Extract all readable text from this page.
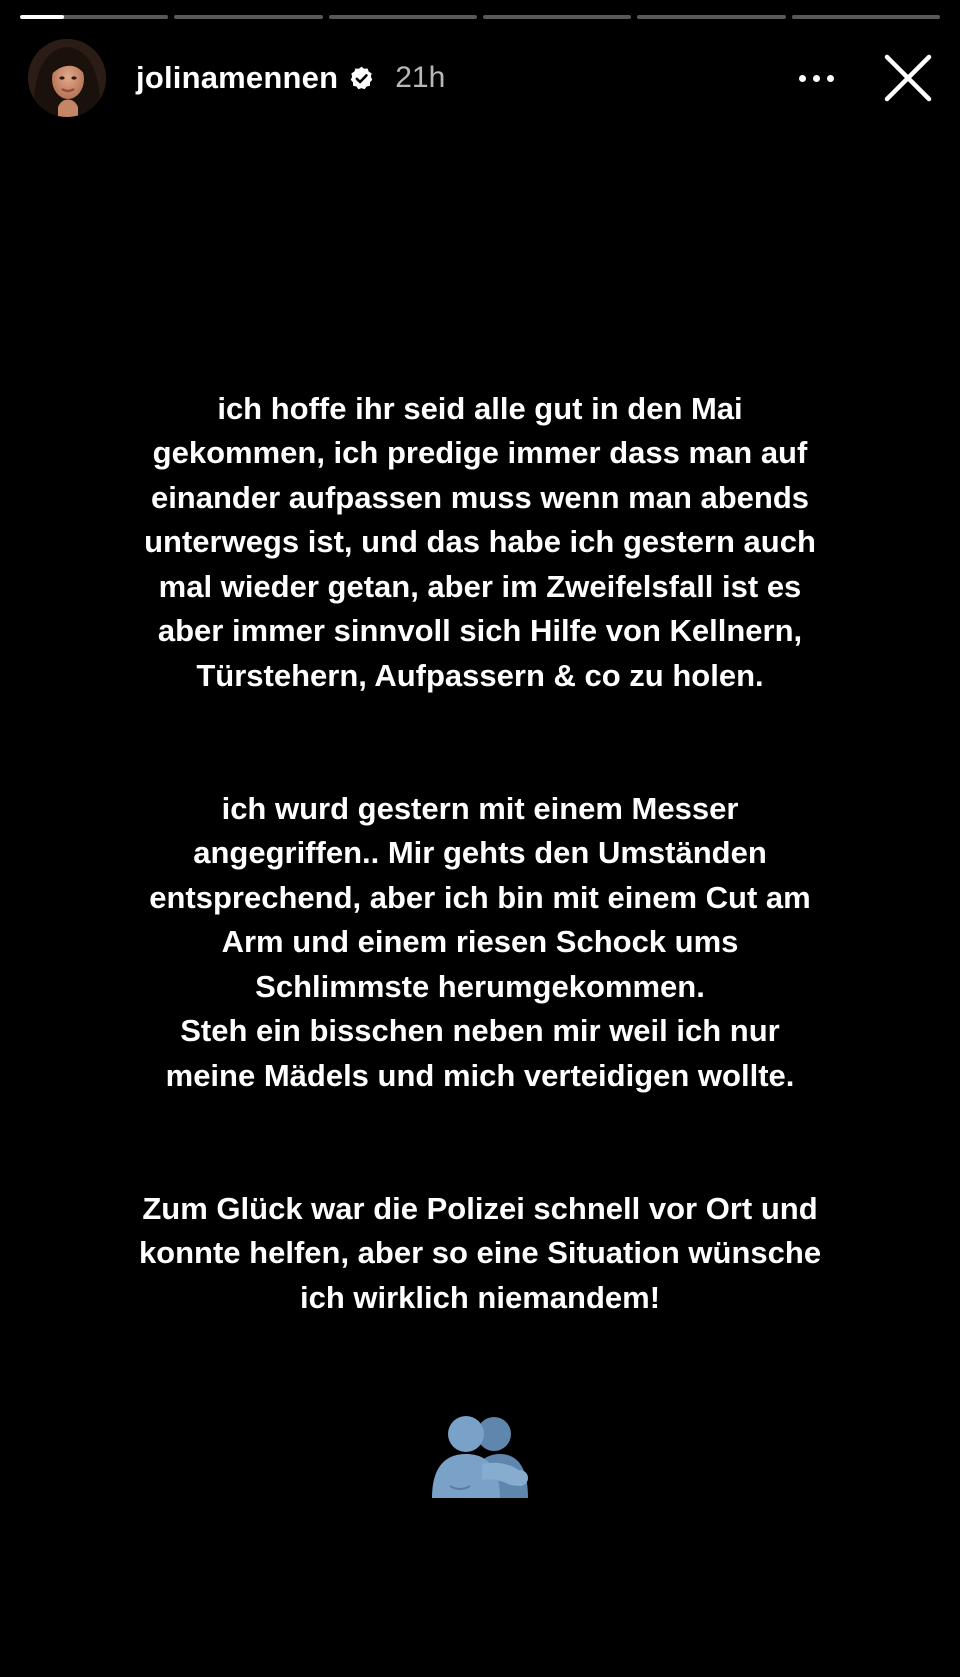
jolinamennen 21h

ich hoffe ihr seid alle gut in den Mai
gekommen, ich predige immer dass man auf
einander aufpassen muss wenn man abends
unterwegs ist, und das habe ich gestern auch
mal wieder getan, aber im Zweifelsfall ist es
aber immer sinnvoll sich Hilfe von Kellnern,
Türstehern, Aufpassern & co zu holen.

ich wurd gestern mit einem Messer
angegriffen.. Mir gehts den Umständen
entsprechend, aber ich bin mit einem Cut am
Arm und einem riesen Schock ums
Schlimmste herumgekommen.
Steh ein bisschen neben mir weil ich nur
meine Mädels und mich verteidigen wollte.

Zum Glück war die Polizei schnell vor Ort und
konnte helfen, aber so eine Situation wünsche
ich wirklich niemandem!
